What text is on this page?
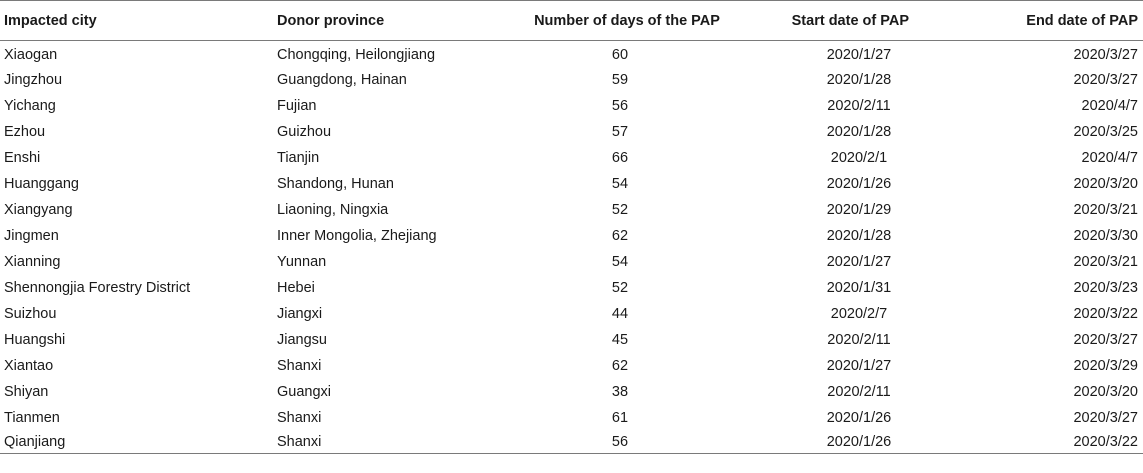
Impacted city	Donor province	Number of days of the PAP	Start date of PAP	End date of PAP
Xiaogan	Chongqing, Heilongjiang	60	2020/1/27	2020/3/27
Jingzhou	Guangdong, Hainan	59	2020/1/28	2020/3/27
Yichang	Fujian	56	2020/2/11	2020/4/7
Ezhou	Guizhou	57	2020/1/28	2020/3/25
Enshi	Tianjin	66	2020/2/1	2020/4/7
Huanggang	Shandong, Hunan	54	2020/1/26	2020/3/20
Xiangyang	Liaoning, Ningxia	52	2020/1/29	2020/3/21
Jingmen	Inner Mongolia, Zhejiang	62	2020/1/28	2020/3/30
Xianning	Yunnan	54	2020/1/27	2020/3/21
Shennongjia Forestry District	Hebei	52	2020/1/31	2020/3/23
Suizhou	Jiangxi	44	2020/2/7	2020/3/22
Huangshi	Jiangsu	45	2020/2/11	2020/3/27
Xiantao	Shanxi	62	2020/1/27	2020/3/29
Shiyan	Guangxi	38	2020/2/11	2020/3/20
Tianmen	Shanxi	61	2020/1/26	2020/3/27
Qianjiang	Shanxi	56	2020/1/26	2020/3/22
